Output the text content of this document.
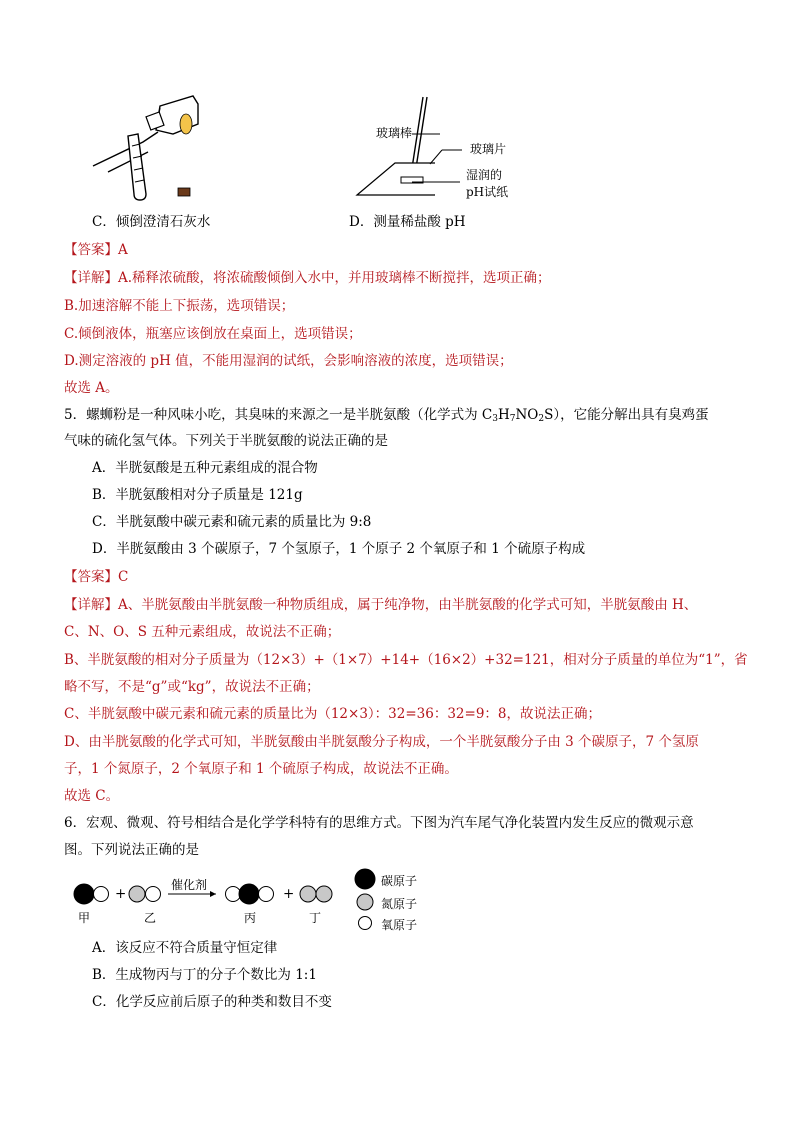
玻璃棒
玻璃片
湿润的
pH试纸
C．倾倒澄清石灰水	D．测量稀盐酸 pH
【答案】A
【详解】A.稀释浓硫酸，将浓硫酸倾倒入水中，并用玻璃棒不断搅拌，选项正确；
B.加速溶解不能上下振荡，选项错误；
C.倾倒液体，瓶塞应该倒放在桌面上，选项错误；
D.测定溶液的 pH 值，不能用湿润的试纸，会影响溶液的浓度，选项错误；
故选 A。
5．螺蛳粉是一种风味小吃，其臭味的来源之一是半胱氨酸（化学式为 $C_3H_7NO_2S$），它能分解出具有臭鸡蛋
气味的硫化氢气体。下列关于半胱氨酸的说法正确的是
A．半胱氨酸是五种元素组成的混合物
B．半胱氨酸相对分子质量是 121g
C．半胱氨酸中碳元素和硫元素的质量比为 9:8
D．半胱氨酸由 3 个碳原子，7 个氢原子，1 个原子 2 个氧原子和 1 个硫原子构成
【答案】C
【详解】A、半胱氨酸由半胱氨酸一种物质组成，属于纯净物，由半胱氨酸的化学式可知，半胱氨酸由 H、
C、N、O、S 五种元素组成，故说法不正确；
B、半胱氨酸的相对分子质量为（12×3）+（1×7）+14+（16×2）+32=121，相对分子质量的单位为“1”，省
略不写，不是“g”或“kg”，故说法不正确；
C、半胱氨酸中碳元素和硫元素的质量比为（12×3）：32=36：32=9：8，故说法正确；
D、由半胱氨酸的化学式可知，半胱氨酸由半胱氨酸分子构成，一个半胱氨酸分子由 3 个碳原子，7 个氢原
子，1 个氮原子，2 个氧原子和 1 个硫原子构成，故说法不正确。
故选 C。
6．宏观、微观、符号相结合是化学学科特有的思维方式。下图为汽车尾气净化装置内发生反应的微观示意
图。下列说法正确的是
+	+
催化剂
甲	乙	丙	丁
碳原子
氮原子
氧原子
A．该反应不符合质量守恒定律
B．生成物丙与丁的分子个数比为 1:1
C．化学反应前后原子的种类和数目不变
